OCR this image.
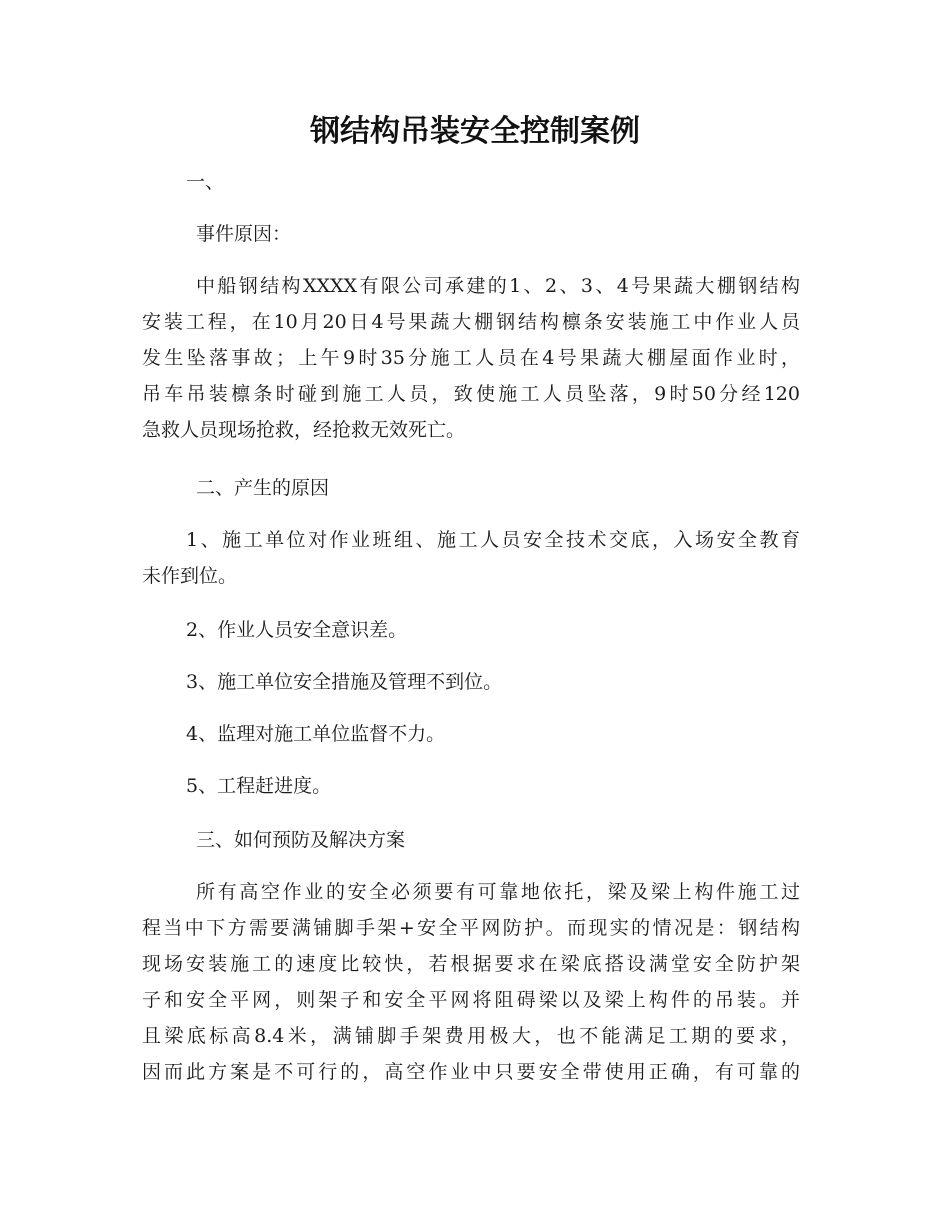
钢结构吊装安全控制案例
一、
事件原因：
中船钢结构XXXX有限公司承建的1、2、3、4号果蔬大棚钢结构
安装工程，在10月20日4号果蔬大棚钢结构檩条安装施工中作业人员
发生坠落事故；上午9时35分施工人员在4号果蔬大棚屋面作业时，
吊车吊装檩条时碰到施工人员，致使施工人员坠落，9时50分经120
急救人员现场抢救，经抢救无效死亡。
二、产生的原因
1、施工单位对作业班组、施工人员安全技术交底，入场安全教育
未作到位。
2、作业人员安全意识差。
3、施工单位安全措施及管理不到位。
4、监理对施工单位监督不力。
5、工程赶进度。
三、如何预防及解决方案
所有高空作业的安全必须要有可靠地依托，梁及梁上构件施工过
程当中下方需要满铺脚手架+安全平网防护。而现实的情况是：钢结构
现场安装施工的速度比较快，若根据要求在梁底搭设满堂安全防护架
子和安全平网，则架子和安全平网将阻碍梁以及梁上构件的吊装。并
且梁底标高8.4米，满铺脚手架费用极大，也不能满足工期的要求，
因而此方案是不可行的，高空作业中只要安全带使用正确，有可靠的
